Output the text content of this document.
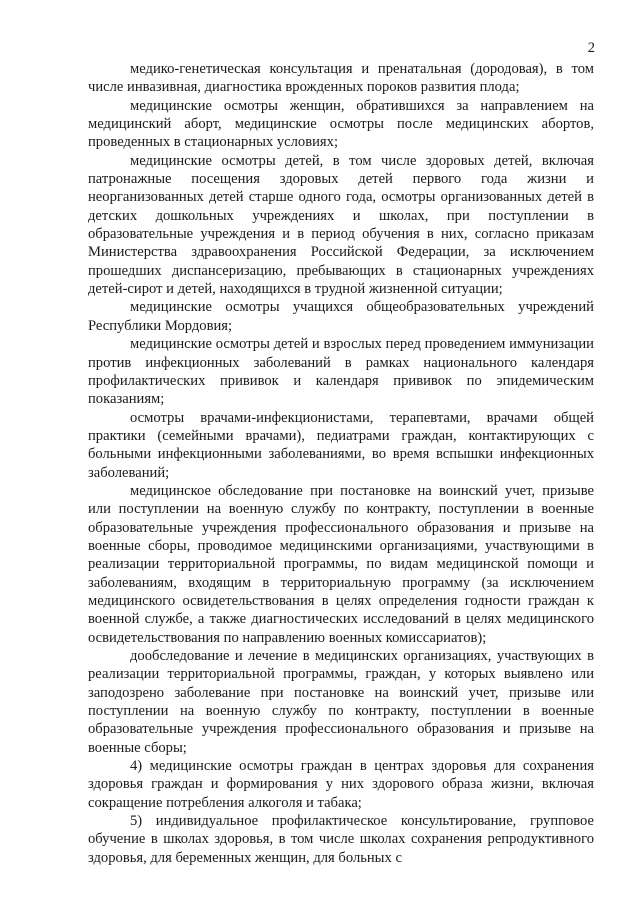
2

медико-генетическая консультация и пренатальная (дородовая), в том числе инвазивная, диагностика врожденных пороков развития плода;

медицинские осмотры женщин, обратившихся за направлением на медицинский аборт, медицинские осмотры после медицинских абортов, проведенных в стационарных условиях;

медицинские осмотры детей, в том числе здоровых детей, включая патронажные посещения здоровых детей первого года жизни и неорганизованных детей старше одного года, осмотры организованных детей в детских дошкольных учреждениях и школах, при поступлении в образовательные учреждения и в период обучения в них, согласно приказам Министерства здравоохранения Российской Федерации, за исключением прошедших диспансеризацию, пребывающих в стационарных учреждениях детей-сирот и детей, находящихся в трудной жизненной ситуации;

медицинские осмотры учащихся общеобразовательных учреждений Республики Мордовия;

медицинские осмотры детей и взрослых перед проведением иммунизации против инфекционных заболеваний в рамках национального календаря профилактических прививок и календаря прививок по эпидемическим показаниям;

осмотры врачами-инфекционистами, терапевтами, врачами общей практики (семейными врачами), педиатрами граждан, контактирующих с больными инфекционными заболеваниями, во время вспышки инфекционных заболеваний;

медицинское обследование при постановке на воинский учет, призыве или поступлении на военную службу по контракту, поступлении в военные образовательные учреждения профессионального образования и призыве на военные сборы, проводимое медицинскими организациями, участвующими в реализации территориальной программы, по видам медицинской помощи и заболеваниям, входящим в территориальную программу (за исключением медицинского освидетельствования в целях определения годности граждан к военной службе, а также диагностических исследований в целях медицинского освидетельствования по направлению военных комиссариатов);

дообследование и лечение в медицинских организациях, участвующих в реализации территориальной программы, граждан, у которых выявлено или заподозрено заболевание при постановке на воинский учет, призыве или поступлении на военную службу по контракту, поступлении в военные образовательные учреждения профессионального образования и призыве на военные сборы;

4) медицинские осмотры граждан в центрах здоровья для сохранения здоровья граждан и формирования у них здорового образа жизни, включая сокращение потребления алкоголя и табака;

5) индивидуальное профилактическое консультирование, групповое обучение в школах здоровья, в том числе школах сохранения репродуктивного здоровья, для беременных женщин, для больных с
